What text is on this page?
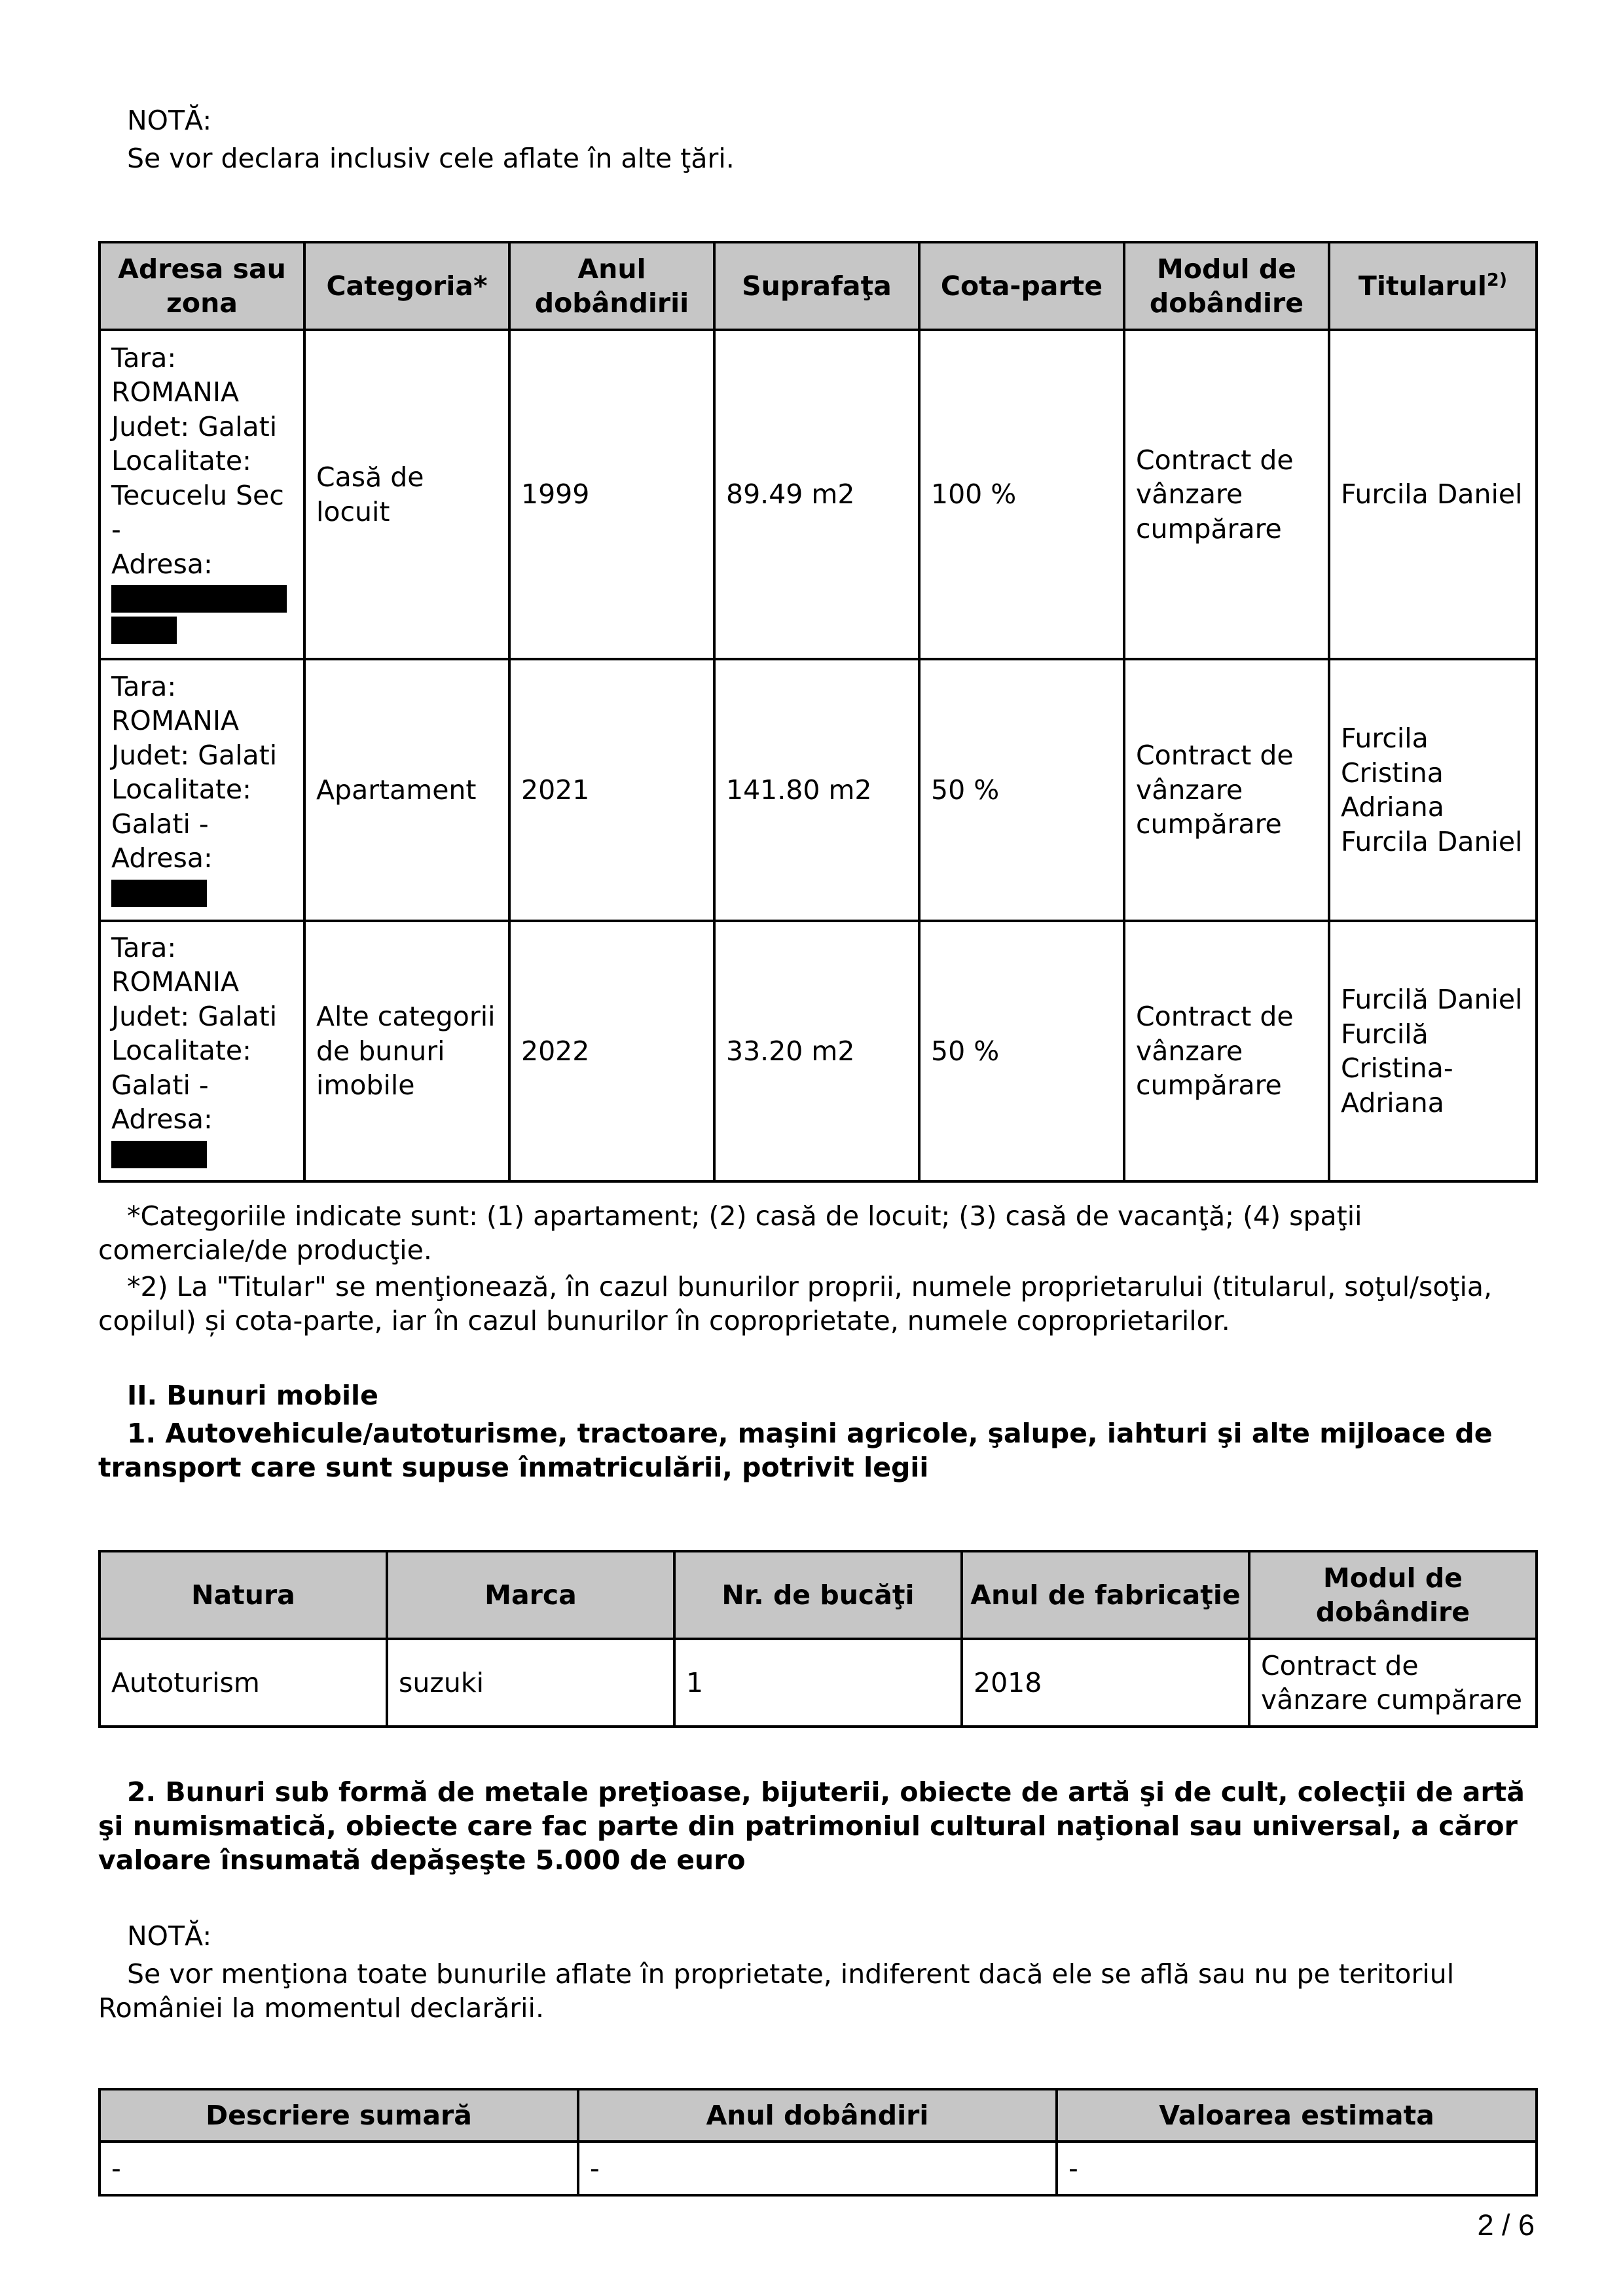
NOTĂ:

Se vor declara inclusiv cele aflate în alte ţări.

Adresa sau zona	Categoria*	Anul dobândirii	Suprafaţa	Cota-parte	Modul de dobândire	Titularul$^{2)}$
Tara: ROMANIA
Judet: Galati
Localitate: Tecucelu Sec -
Adresa:	Casă de locuit	1999	89.49 m2	100 %	Contract de vânzare cumpărare	Furcila Daniel
Tara: ROMANIA
Judet: Galati
Localitate: Galati -
Adresa:	Apartament	2021	141.80 m2	50 %	Contract de vânzare cumpărare	Furcila Cristina Adriana
Furcila Daniel
Tara: ROMANIA
Judet: Galati
Localitate: Galati -
Adresa:	Alte categorii de bunuri imobile	2022	33.20 m2	50 %	Contract de vânzare cumpărare	Furcilă Daniel
Furcilă Cristina-Adriana

*Categoriile indicate sunt: (1) apartament; (2) casă de locuit; (3) casă de vacanţă; (4) spaţii comerciale/de producţie.

*2) La "Titular" se menţionează, în cazul bunurilor proprii, numele proprietarului (titularul, soţul/soţia, copilul) și cota-parte, iar în cazul bunurilor în coproprietate, numele coproprietarilor.

II. Bunuri mobile

1. Autovehicule/autoturisme, tractoare, maşini agricole, şalupe, iahturi şi alte mijloace de transport care sunt supuse înmatriculării, potrivit legii

Natura	Marca	Nr. de bucăţi	Anul de fabricaţie	Modul de dobândire
Autoturism	suzuki	1	2018	Contract de vânzare cumpărare

2. Bunuri sub formă de metale preţioase, bijuterii, obiecte de artă şi de cult, colecţii de artă şi numismatică, obiecte care fac parte din patrimoniul cultural naţional sau universal, a căror valoare însumată depăşeşte 5.000 de euro

NOTĂ:

Se vor menţiona toate bunurile aflate în proprietate, indiferent dacă ele se află sau nu pe teritoriul României la momentul declarării.

Descriere sumară	Anul dobândiri	Valoarea estimata
-	-	-
2 / 6
